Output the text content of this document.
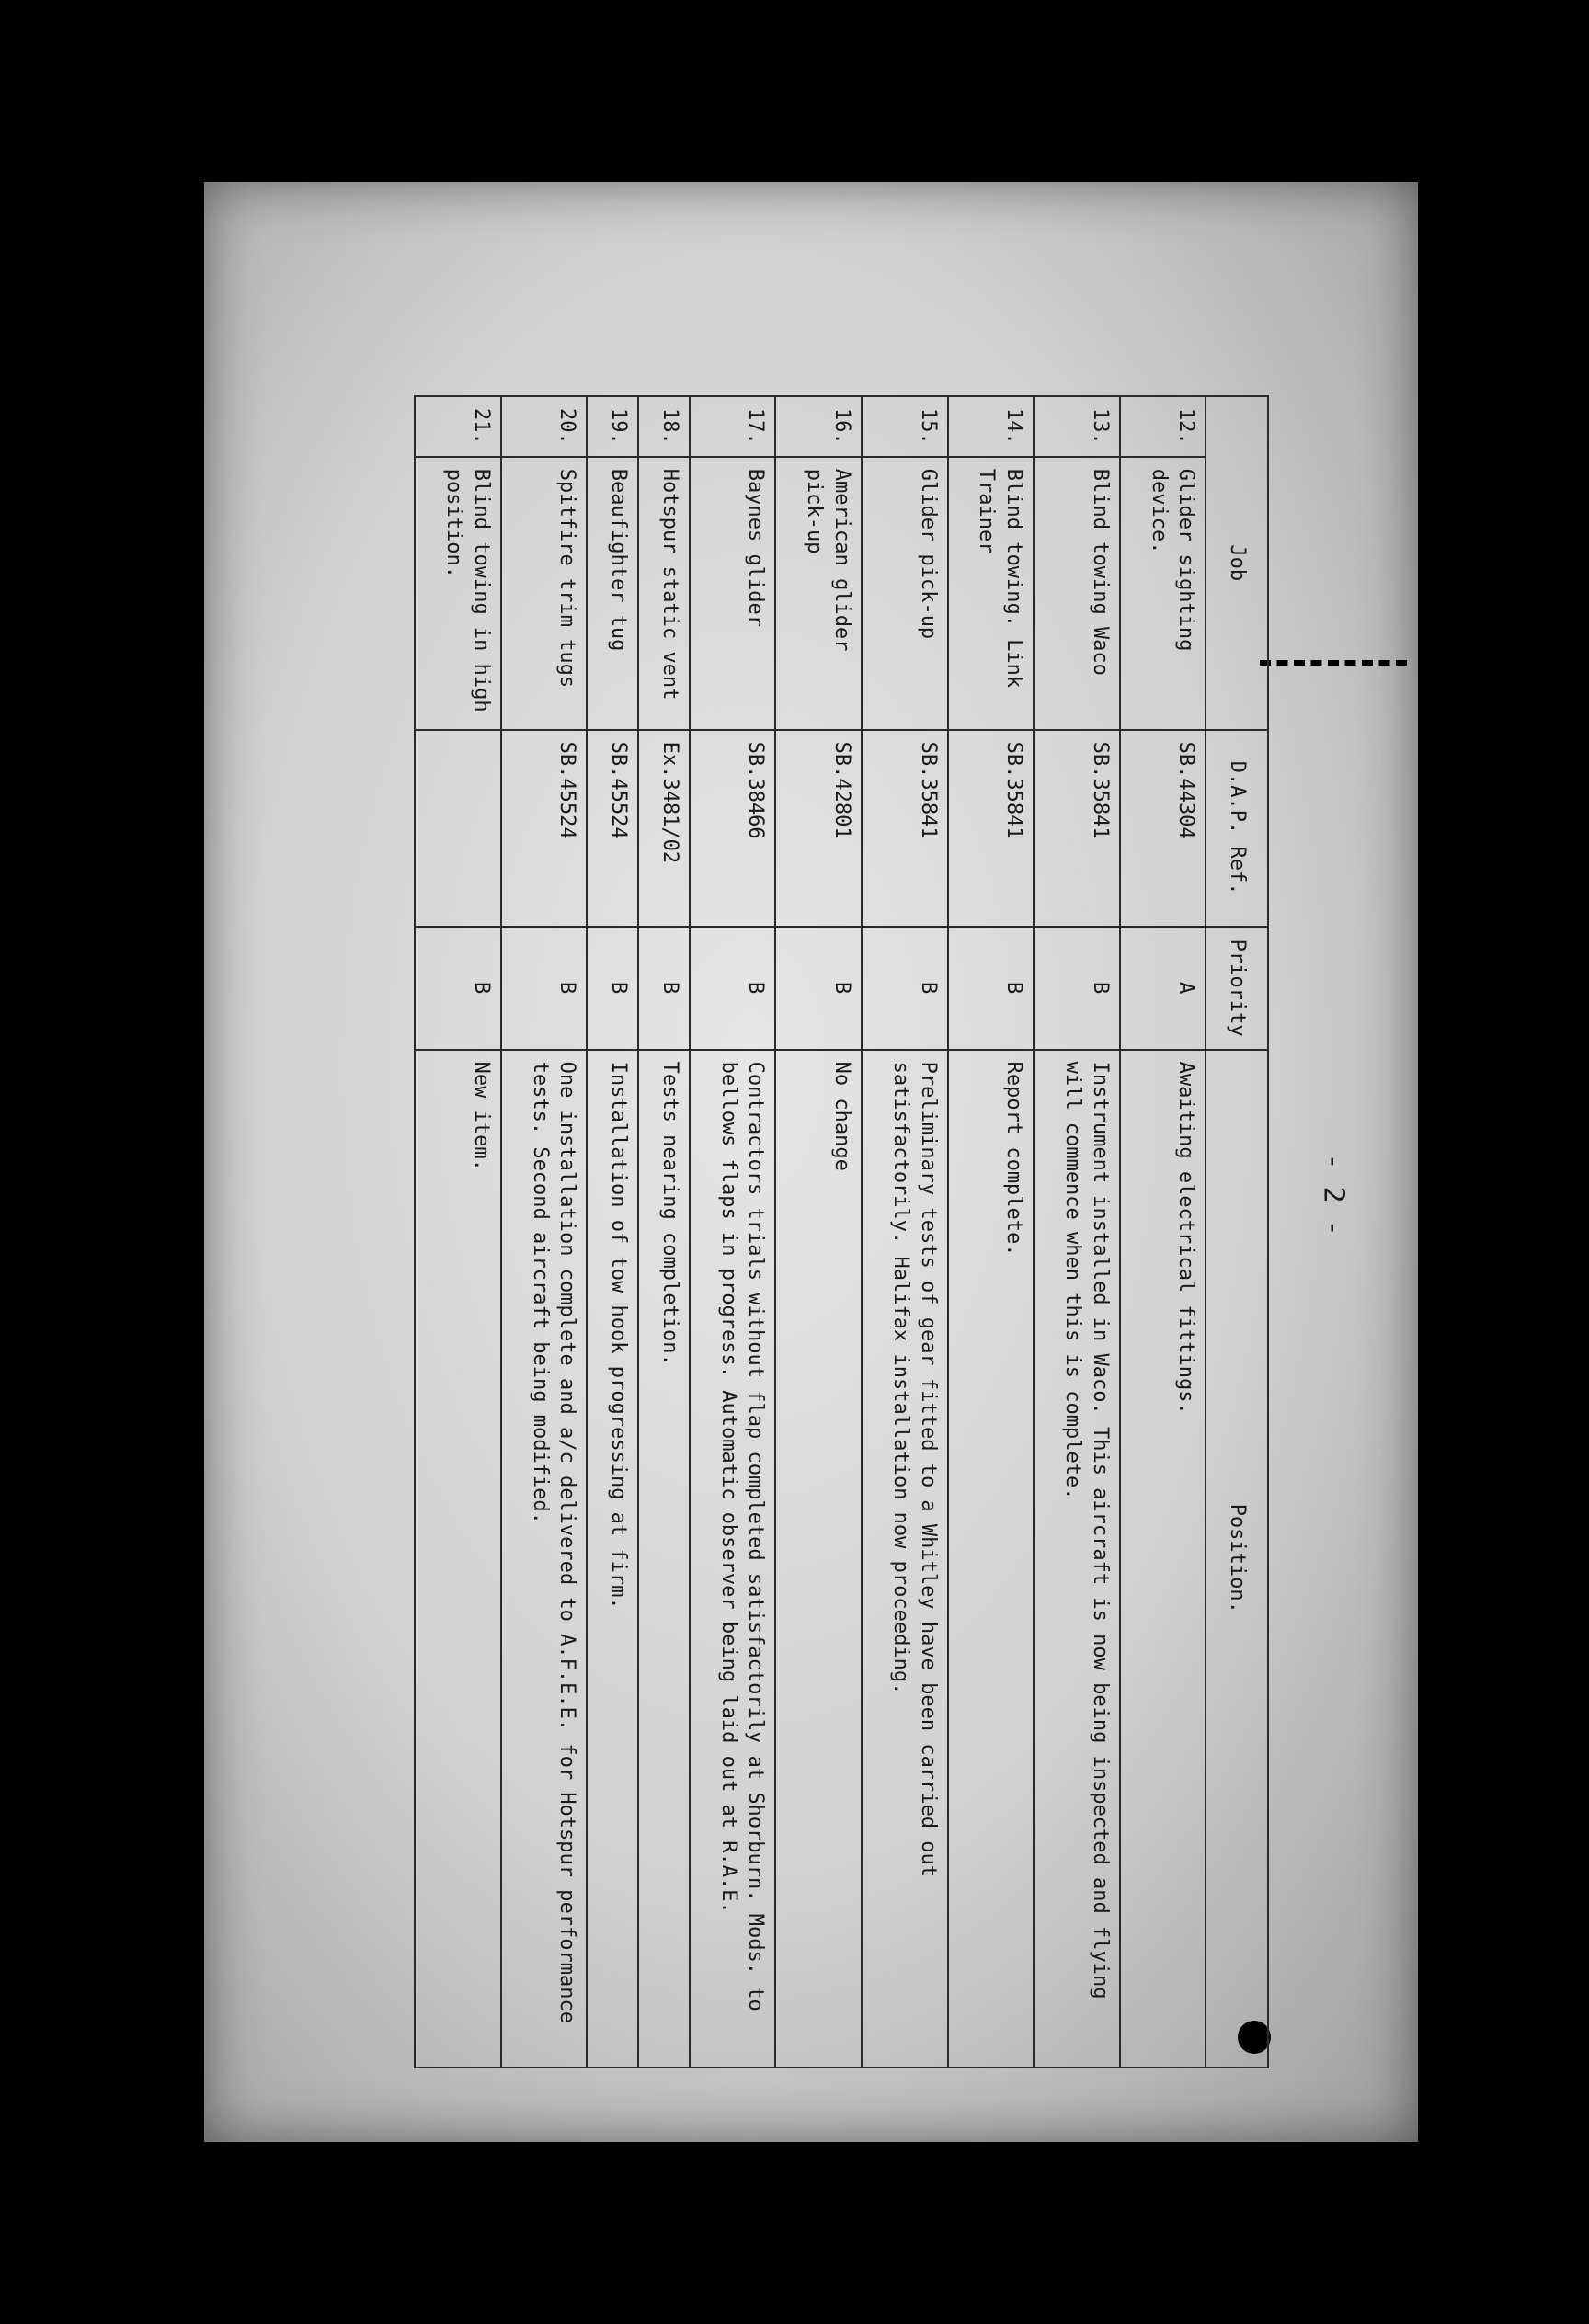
- 2 -
Job		D.A.P. Ref.	Priority	Position.
12.	Glider sighting device.	SB.44304	A	Awaiting electrical fittings.
13.	Blind towing Waco	SB.35841	B	Instrument installed in Waco. This aircraft is now being inspected and flying will commence when this is complete.
14.	Blind towing. Link Trainer	SB.35841	B	Report complete.
15.	Glider pick-up	SB.35841	B	Preliminary tests of gear fitted to a Whitley have been carried out satisfactorily. Halifax installation now proceeding.
16.	American glider pick-up	SB.42801	B	No change
17.	Baynes glider	SB.38466	B	Contractors trials without flap completed satisfactorily at Shorburn. Mods. to bellows flaps in progress. Automatic observer being laid out at R.A.E.
18.	Hotspur static vent	Ex.3481/02	B	Tests nearing completion.
19.	Beaufighter tug	SB.45524	B	Installation of tow hook progressing at firm.
20.	Spitfire trim tugs	SB.45524	B	One installation complete and a/c delivered to A.F.E.E. for Hotspur performance tests. Second aircraft being modified.
21.	Blind towing in high position.		B	New item.
